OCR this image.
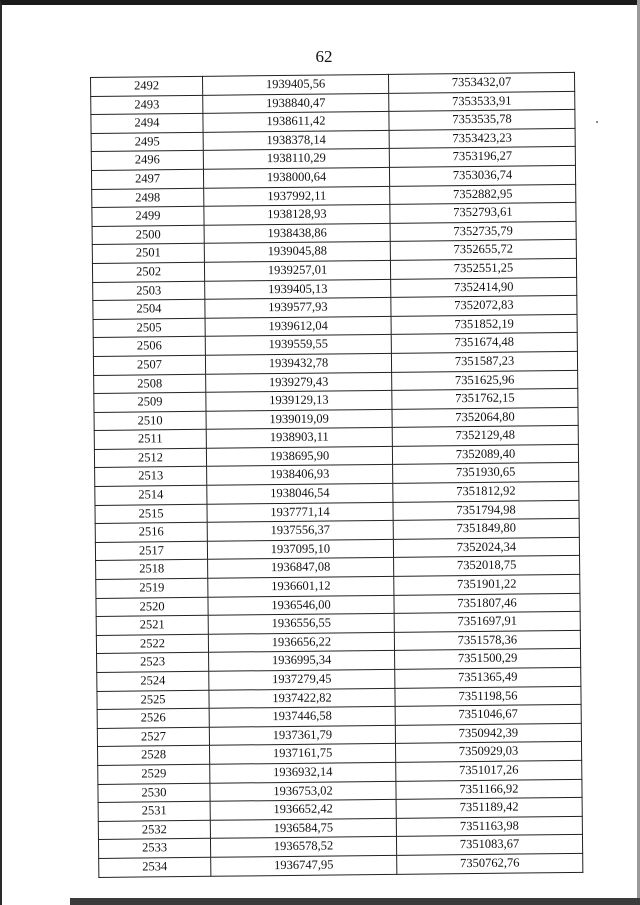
62
2492	1939405,56	7353432,07
2493	1938840,47	7353533,91
2494	1938611,42	7353535,78
2495	1938378,14	7353423,23
2496	1938110,29	7353196,27
2497	1938000,64	7353036,74
2498	1937992,11	7352882,95
2499	1938128,93	7352793,61
2500	1938438,86	7352735,79
2501	1939045,88	7352655,72
2502	1939257,01	7352551,25
2503	1939405,13	7352414,90
2504	1939577,93	7352072,83
2505	1939612,04	7351852,19
2506	1939559,55	7351674,48
2507	1939432,78	7351587,23
2508	1939279,43	7351625,96
2509	1939129,13	7351762,15
2510	1939019,09	7352064,80
2511	1938903,11	7352129,48
2512	1938695,90	7352089,40
2513	1938406,93	7351930,65
2514	1938046,54	7351812,92
2515	1937771,14	7351794,98
2516	1937556,37	7351849,80
2517	1937095,10	7352024,34
2518	1936847,08	7352018,75
2519	1936601,12	7351901,22
2520	1936546,00	7351807,46
2521	1936556,55	7351697,91
2522	1936656,22	7351578,36
2523	1936995,34	7351500,29
2524	1937279,45	7351365,49
2525	1937422,82	7351198,56
2526	1937446,58	7351046,67
2527	1937361,79	7350942,39
2528	1937161,75	7350929,03
2529	1936932,14	7351017,26
2530	1936753,02	7351166,92
2531	1936652,42	7351189,42
2532	1936584,75	7351163,98
2533	1936578,52	7351083,67
2534	1936747,95	7350762,76
